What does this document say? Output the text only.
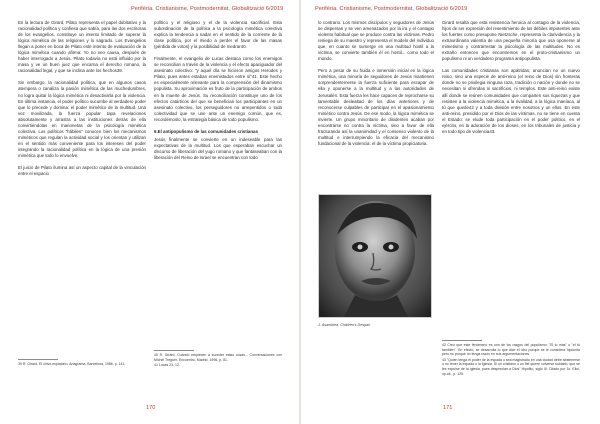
Perifèria. Cristianisme, Postmodernitat, Globalització 6/2019

En la lectura de Girard, Pilato representa el papel dubitativo y la racionalidad política y confiesa que sabía, para las dos escritoras de los evangelios, constituye un intento limitado de superar la lógica mimética de las religiones y lo sagrado. Los Evangelios llegan a poner en boca de Pilato este intento de evaluación de la lógica mimética cuando afirma: Yo no veo causa, después de haber interrogado a Jesús. Pilato todavía no está influido por la masa y ve un buen juez que encarna el derecho romano, la racionalidad legal, y que se inclina ante los hechos39.

Sin embargo, la racionalidad política, que en algunos casos atempera o canaliza la pasión mimética de las muchedumbres, no logra quitar la lógica mimética ni desactivarla por la violencia. En última instancia, el poder político sucumbe al verdadero poder que lo precede y domina: el poder mimético de la multitud. Una vez movilizada, la fuerza popular tapa revelaciones absolutamente y arrastra a las instituciones detrás de ella convirtiéndolas en marionetas de la psicología mimética colectiva. Los políticos "hábiles" conocen bien los mecanismos miméticos que regulan la actividad social y los orientan y utilizan en el sentido más conveniente para los intereses del poder integrando la racionalidad política en la lógica de una presión mimética que todo lo envuelve.

El juicio de Pilato ilumina así un aspecto capital de la vinculación entre el espacio

político y el religioso y el de la violencia sacrificial. Esta subordinación de la política a la psicología mimética colectiva explica la tendencia a nadar en el sentido de la corriente de la clase política, por el miedo a perder el favor de las masas (pérdida de votos) y la posibilidad de medrar40.

Finalmente, el evangelio de Lucas destaca como los enemigos se reconcilian a través de la violencia y el efecto apaciguador del asesinato colectivo: "y aquel día se hicieron amigos Herodes y Pilato, pues antes estaban enemistados entre sí"41. Este hecho es especialmente relevante para la comprensión del dinamismo populista. Su aproximación es fruto de la participación de ambos en la muerte de Jesús. Su reconciliación constituye uno de los efectos catárticos del que se benefician los participantes en un asesinato colectivo, los perseguidores no arrepentidos o toda colectividad que se une ante un enemigo común, que es, recordémoslo, la estrategia básica de todo populismo.

6.El antipopulismo de las comunidades cristianas

Jesús finalmente se convierte en un indeseable para las expectativas de la multitud. Los que esperaban escuchar un discurso de liberación del yugo romano y que fantaseaban con la liberación del Reino de Israel se encuentran con todo

39 R. Girard, El chivo expiatorio, Anagrama, Barcelona, 1986, p. 141.
40 R. Girard, Cuando empiecen a suceder estas cosas... Conversaciones con Michel Treguer, Encuentro, Madrid, 1996, p. 81.
41 Lucas 23, 12.
170
Perifèria. Cristianisme, Postmodernitat, Globalització 6/2019

lo contrario. Los mismos discípulos y seguidores de Jesús se dispersan y se ven amenazados por la ira y el contagio violento habitual que se produce contra las víctimas. Pedro reniega de su maestro y representa el modelo del individuo que, en cuanto se sumerge en una multitud hostil a la víctima, se convierte también él en hostil... como todo el mundo.

Pero a pesar de su huida e inmersión inicial en la lógica mimética, una minoría de seguidores de Jesús mantienen sorprendentemente la fuerza suficiente para escapar de ella y oponerse a la multitud y a las autoridades de Jerusalén. Esta fuerza les hace capaces de reprocharse su lamentable deslealtad de los días anteriores y de reconocerse culpables de participar en el apasionamiento mimético contra Jesús. De ese modo, la lógica mimética se invierte. Un grupo minoritario de disidentes acaban por encontrarse no contra la víctima, sino a favor de ella fracturando así la unanimidad y el consenso violento de la multitud e interrumpiendo la eficacia del mecanismo fundacional de la violencia: el de la víctima propiciatoria.

Girard resalta que esta resistencia heroica al contagio de la violencia, hijos de ser expresión del resentimiento de los débiles impotentes ante los fuertes como presupone Nietzsche, representa la clarividencia y la extraordinaria valentía de una pequeña minoría que osa oponerse al mimetismo y contrarrestar la psicología de las multitudes. No es extraño entonces que encontremos en el proto-cristianismo un populismo ni un verdadero programa antipopulista.

Las comunidades cristianas son apátridas, anuncian no un nuevo reino, sino una especie de anti-reino (el reino de Dios) sin fronteras donde no se privilegia ninguna raza, tradición o nación y donde no se necesitan ni ofrendas ni sacrificios, ni templos. Este anti-reino existe allí donde se reúnen comunidades que comparten sus riquezas y que resisten a la violencia mimética, a la rivalidad, a la lógica maníaca, al tú que quede42 y a toda división entre nosotros y un ellos. En este anti-reino, presidido por el Dios de las víctimas, no se tiene en cuenta el Estado: se elude toda participación en el poder político, en el ejército, en la adoración de los dioses, en los tribunales de justicia y en todo tipo de violencia43.

J. Asamblea, Children's Despair
42 Creo que este fenómeno es uno de los rasgos del populismo: "El lo más" o "el tú también". En efecto, se desarrolla lo que dice el otro porque se le considera hipócrita pero no porque no tenga razón en sus argumentaciones.
43 "Quien tenga el poder de la espada o sea magistrado en una ciudad debe abstenerse o no tener la espada o la iglesia. Si un cristiano o un fiel quiere volverse soldado, que se les expulse de la iglesia, pues desprecian a Dios" Hipólito, siglo III. Citado por Jo. Eliul, op.cit., p. 125.
171
